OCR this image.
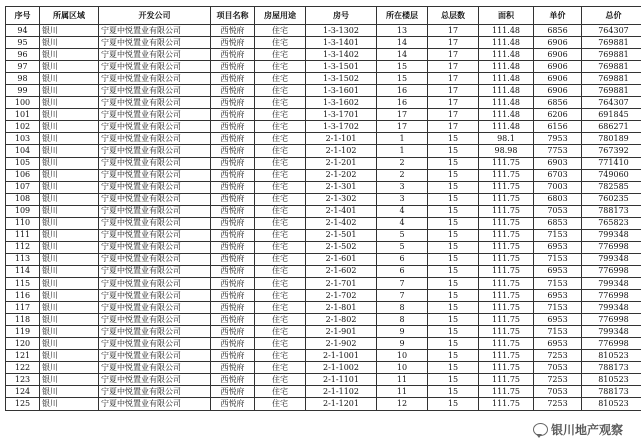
序号	所属区域	开发公司	项目名称	房屋用途	房号	所在楼层	总层数	面积	单价	总价
94	银川	宁夏中悦置业有限公司	西悦府	住宅	1-3-1302	13	17	111.48	6856	764307
95	银川	宁夏中悦置业有限公司	西悦府	住宅	1-3-1401	14	17	111.48	6906	769881
96	银川	宁夏中悦置业有限公司	西悦府	住宅	1-3-1402	14	17	111.48	6906	769881
97	银川	宁夏中悦置业有限公司	西悦府	住宅	1-3-1501	15	17	111.48	6906	769881
98	银川	宁夏中悦置业有限公司	西悦府	住宅	1-3-1502	15	17	111.48	6906	769881
99	银川	宁夏中悦置业有限公司	西悦府	住宅	1-3-1601	16	17	111.48	6906	769881
100	银川	宁夏中悦置业有限公司	西悦府	住宅	1-3-1602	16	17	111.48	6856	764307
101	银川	宁夏中悦置业有限公司	西悦府	住宅	1-3-1701	17	17	111.48	6206	691845
102	银川	宁夏中悦置业有限公司	西悦府	住宅	1-3-1702	17	17	111.48	6156	686271
103	银川	宁夏中悦置业有限公司	西悦府	住宅	2-1-101	1	15	98.1	7953	780189
104	银川	宁夏中悦置业有限公司	西悦府	住宅	2-1-102	1	15	98.98	7753	767392
105	银川	宁夏中悦置业有限公司	西悦府	住宅	2-1-201	2	15	111.75	6903	771410
106	银川	宁夏中悦置业有限公司	西悦府	住宅	2-1-202	2	15	111.75	6703	749060
107	银川	宁夏中悦置业有限公司	西悦府	住宅	2-1-301	3	15	111.75	7003	782585
108	银川	宁夏中悦置业有限公司	西悦府	住宅	2-1-302	3	15	111.75	6803	760235
109	银川	宁夏中悦置业有限公司	西悦府	住宅	2-1-401	4	15	111.75	7053	788173
110	银川	宁夏中悦置业有限公司	西悦府	住宅	2-1-402	4	15	111.75	6853	765823
111	银川	宁夏中悦置业有限公司	西悦府	住宅	2-1-501	5	15	111.75	7153	799348
112	银川	宁夏中悦置业有限公司	西悦府	住宅	2-1-502	5	15	111.75	6953	776998
113	银川	宁夏中悦置业有限公司	西悦府	住宅	2-1-601	6	15	111.75	7153	799348
114	银川	宁夏中悦置业有限公司	西悦府	住宅	2-1-602	6	15	111.75	6953	776998
115	银川	宁夏中悦置业有限公司	西悦府	住宅	2-1-701	7	15	111.75	7153	799348
116	银川	宁夏中悦置业有限公司	西悦府	住宅	2-1-702	7	15	111.75	6953	776998
117	银川	宁夏中悦置业有限公司	西悦府	住宅	2-1-801	8	15	111.75	7153	799348
118	银川	宁夏中悦置业有限公司	西悦府	住宅	2-1-802	8	15	111.75	6953	776998
119	银川	宁夏中悦置业有限公司	西悦府	住宅	2-1-901	9	15	111.75	7153	799348
120	银川	宁夏中悦置业有限公司	西悦府	住宅	2-1-902	9	15	111.75	6953	776998
121	银川	宁夏中悦置业有限公司	西悦府	住宅	2-1-1001	10	15	111.75	7253	810523
122	银川	宁夏中悦置业有限公司	西悦府	住宅	2-1-1002	10	15	111.75	7053	788173
123	银川	宁夏中悦置业有限公司	西悦府	住宅	2-1-1101	11	15	111.75	7253	810523
124	银川	宁夏中悦置业有限公司	西悦府	住宅	2-1-1102	11	15	111.75	7053	788173
125	银川	宁夏中悦置业有限公司	西悦府	住宅	2-1-1201	12	15	111.75	7253	810523
银川地产观察
